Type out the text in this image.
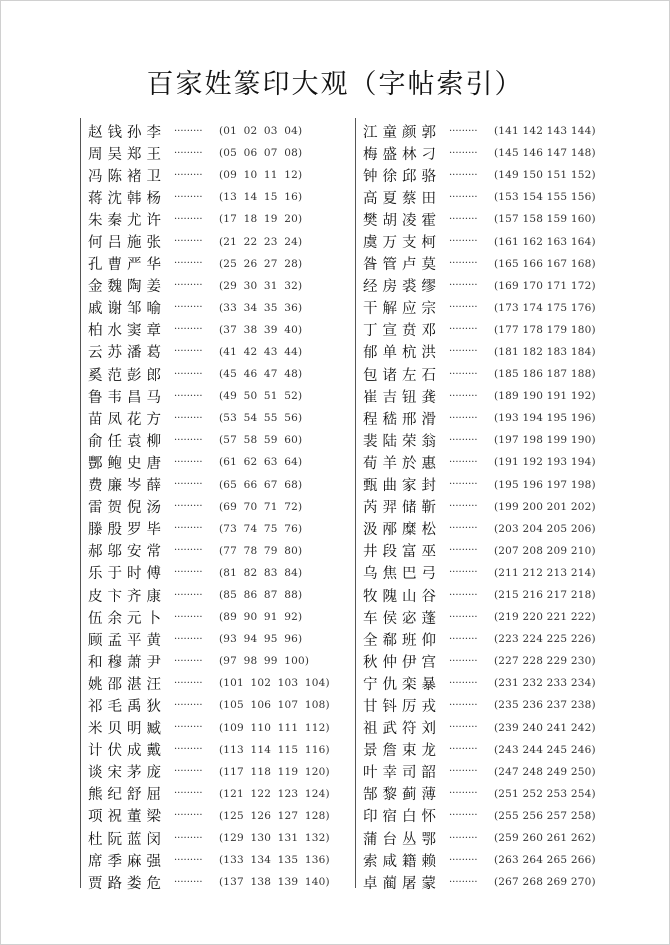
百家姓篆印大观（字帖索引）
赵钱孙李 ·········	(01 02 03 04)
周吴郑王 ·········	(05 06 07 08)
冯陈褚卫 ·········	(09 10 11 12)
蒋沈韩杨 ·········	(13 14 15 16)
朱秦尤许 ·········	(17 18 19 20)
何吕施张 ·········	(21 22 23 24)
孔曹严华 ·········	(25 26 27 28)
金魏陶姜 ·········	(29 30 31 32)
戚谢邹喻 ·········	(33 34 35 36)
柏水窦章 ·········	(37 38 39 40)
云苏潘葛 ·········	(41 42 43 44)
奚范彭郎 ·········	(45 46 47 48)
鲁韦昌马 ·········	(49 50 51 52)
苗凤花方 ·········	(53 54 55 56)
俞任袁柳 ·········	(57 58 59 60)
酆鲍史唐 ·········	(61 62 63 64)
费廉岑薛 ·········	(65 66 67 68)
雷贺倪汤 ·········	(69 70 71 72)
滕殷罗毕 ·········	(73 74 75 76)
郝邬安常 ·········	(77 78 79 80)
乐于时傅 ·········	(81 82 83 84)
皮卞齐康 ·········	(85 86 87 88)
伍余元卜 ·········	(89 90 91 92)
顾孟平黄 ·········	(93 94 95 96)
和穆萧尹 ·········	(97 98 99 100)
姚邵湛汪 ·········	(101 102 103 104)
祁毛禹狄 ·········	(105 106 107 108)
米贝明臧 ·········	(109 110 111 112)
计伏成戴 ·········	(113 114 115 116)
谈宋茅庞 ·········	(117 118 119 120)
熊纪舒屈 ·········	(121 122 123 124)
项祝董梁 ·········	(125 126 127 128)
杜阮蓝闵 ·········	(129 130 131 132)
席季麻强 ·········	(133 134 135 136)
贾路娄危 ·········	(137 138 139 140)
江童颜郭 ·········	(141 142 143 144)
梅盛林刁 ·········	(145 146 147 148)
钟徐邱骆 ·········	(149 150 151 152)
高夏蔡田 ·········	(153 154 155 156)
樊胡凌霍 ·········	(157 158 159 160)
虞万支柯 ·········	(161 162 163 164)
昝管卢莫 ·········	(165 166 167 168)
经房裘缪 ·········	(169 170 171 172)
干解应宗 ·········	(173 174 175 176)
丁宣贲邓 ·········	(177 178 179 180)
郁单杭洪 ·········	(181 182 183 184)
包诸左石 ·········	(185 186 187 188)
崔吉钮龚 ·········	(189 190 191 192)
程嵇邢滑 ·········	(193 194 195 196)
裴陆荣翁 ·········	(197 198 199 190)
荀羊於惠 ·········	(191 192 193 194)
甄曲家封 ·········	(195 196 197 198)
芮羿储靳 ·········	(199 200 201 202)
汲邴糜松 ·········	(203 204 205 206)
井段富巫 ·········	(207 208 209 210)
乌焦巴弓 ·········	(211 212 213 214)
牧隗山谷 ·········	(215 216 217 218)
车侯宓蓬 ·········	(219 220 221 222)
全郗班仰 ·········	(223 224 225 226)
秋仲伊宫 ·········	(227 228 229 230)
宁仇栾暴 ·········	(231 232 233 234)
甘钭厉戎 ·········	(235 236 237 238)
祖武符刘 ·········	(239 240 241 242)
景詹束龙 ·········	(243 244 245 246)
叶幸司韶 ·········	(247 248 249 250)
郜黎蓟薄 ·········	(251 252 253 254)
印宿白怀 ·········	(255 256 257 258)
蒲台丛鄂 ·········	(259 260 261 262)
索咸籍赖 ·········	(263 264 265 266)
卓蔺屠蒙 ·········	(267 268 269 270)
